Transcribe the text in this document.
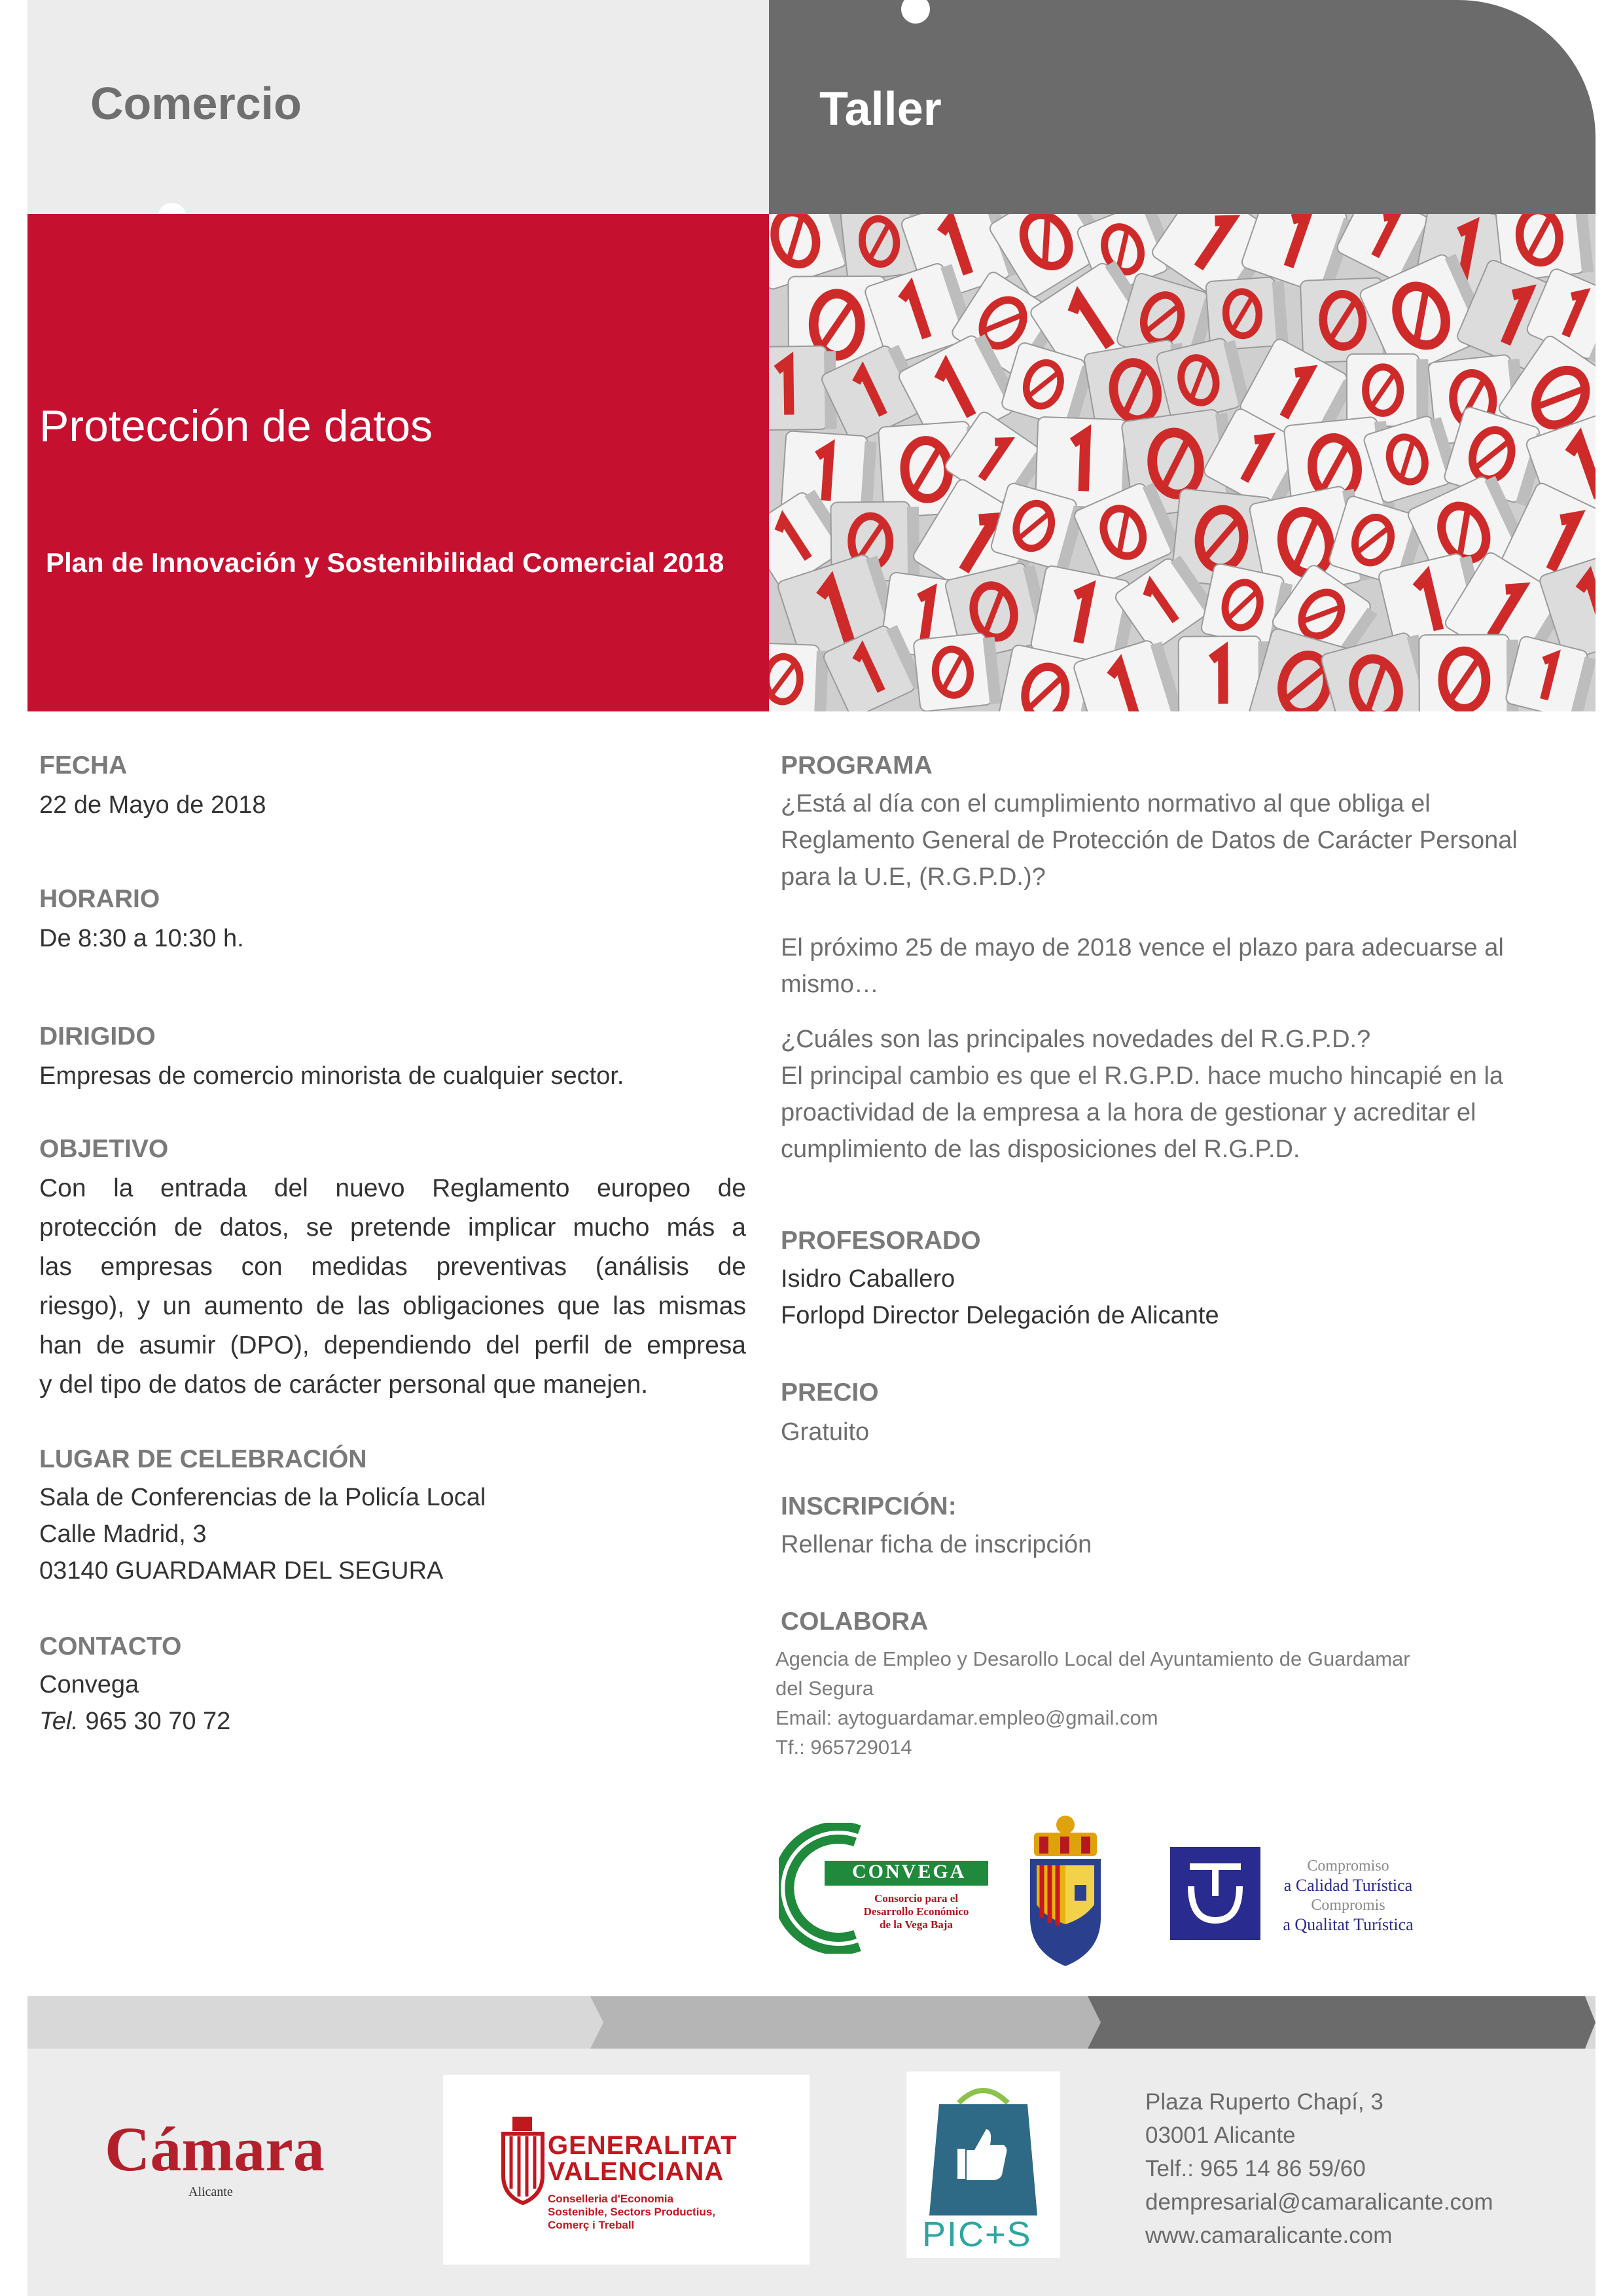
Comercio	Taller
Protección de datos
Plan de Innovación y Sostenibilidad Comercial 2018
FECHA
22 de Mayo de 2018
HORARIO
De 8:30 a 10:30 h.
DIRIGIDO
Empresas de comercio minorista de cualquier sector.
OBJETIVO
Con la entrada del nuevo Reglamento europeo de
protección de datos, se pretende implicar mucho más a
las empresas con medidas preventivas (análisis de
riesgo), y un aumento de las obligaciones que las mismas
han de asumir (DPO), dependiendo del perfil de empresa
y del tipo de datos de carácter personal que manejen.
LUGAR DE CELEBRACIÓN
Sala de Conferencias de la Policía Local
Calle Madrid, 3
03140 GUARDAMAR DEL SEGURA
CONTACTO
Convega
Tel. 965 30 70 72
PROGRAMA
¿Está al día con el cumplimiento normativo al que obliga el
Reglamento General de Protección de Datos de Carácter Personal
para la U.E, (R.G.P.D.)?
El próximo 25 de mayo de 2018 vence el plazo para adecuarse al
mismo…
¿Cuáles son las principales novedades del R.G.P.D.?
El principal cambio es que el R.G.P.D. hace mucho hincapié en la
proactividad de la empresa a la hora de gestionar y acreditar el
cumplimiento de las disposiciones del R.G.P.D.
PROFESORADO
Isidro Caballero
Forlopd Director Delegación de Alicante
PRECIO
Gratuito
INSCRIPCIÓN:
Rellenar ficha de inscripción
COLABORA
Agencia de Empleo y Desarollo Local del Ayuntamiento de Guardamar
del Segura
Email: aytoguardamar.empleo@gmail.com
Tf.: 965729014
CONVEGA
Consorcio para el
Desarrollo Económico
de la Vega Baja
Compromiso
a Calidad Turística
Compromis
a Qualitat Turística
Cámara
Alicante
GENERALITAT
VALENCIANA
Conselleria d'Economia
Sostenible, Sectors Productius,
Comerç i Treball
2018
PIC+S
Plaza Ruperto Chapí, 3
03001 Alicante
Telf.: 965 14 86 59/60
dempresarial@camaralicante.com
www.camaralicante.com
